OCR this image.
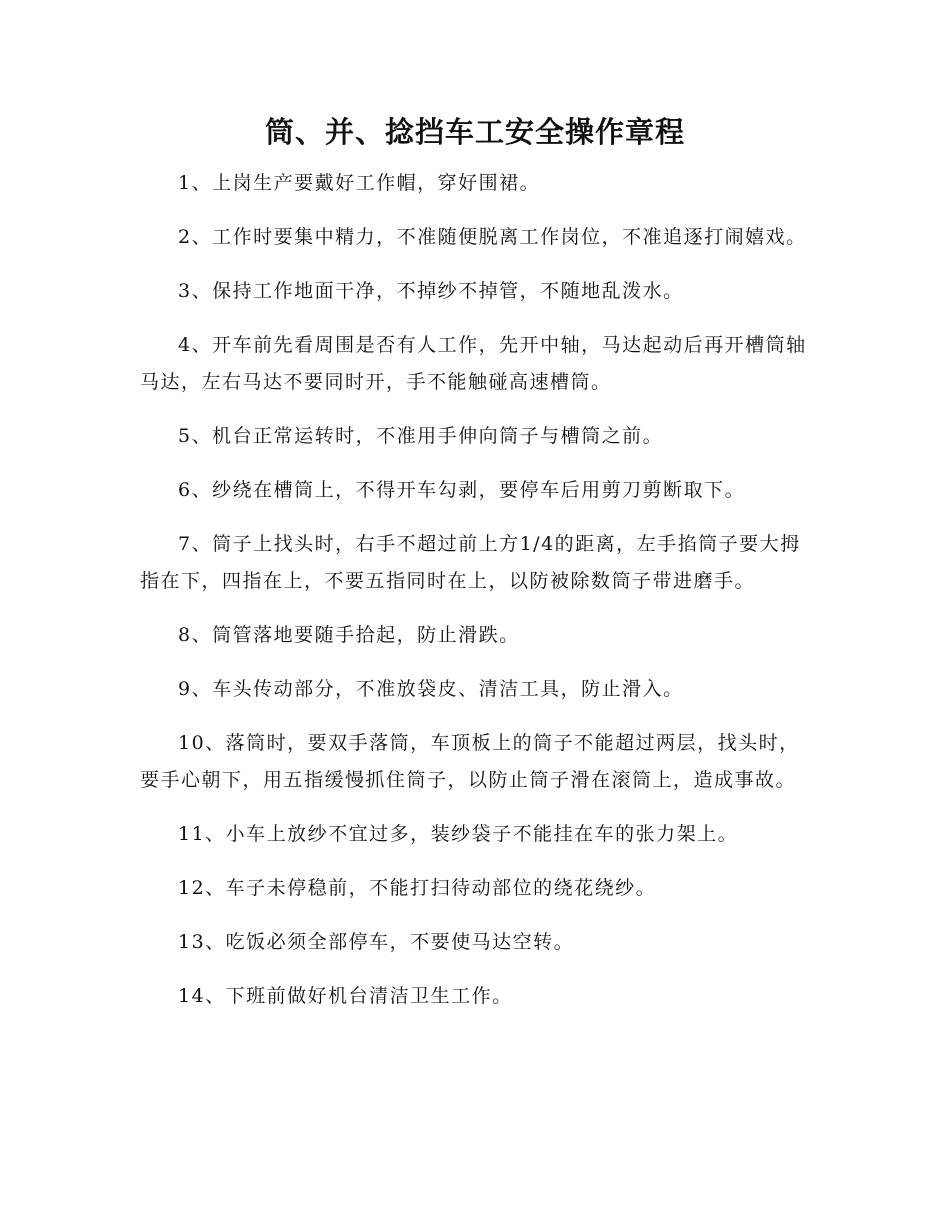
筒、并、捻挡车工安全操作章程

1、上岗生产要戴好工作帽，穿好围裙。

2、工作时要集中精力，不准随便脱离工作岗位，不准追逐打闹嬉戏。

3、保持工作地面干净，不掉纱不掉管，不随地乱泼水。

4、开车前先看周围是否有人工作，先开中轴，马达起动后再开槽筒轴马达，左右马达不要同时开，手不能触碰高速槽筒。

5、机台正常运转时，不准用手伸向筒子与槽筒之前。

6、纱绕在槽筒上，不得开车勾剥，要停车后用剪刀剪断取下。

7、筒子上找头时，右手不超过前上方1/4的距离，左手掐筒子要大拇指在下，四指在上，不要五指同时在上，以防被除数筒子带进磨手。

8、筒管落地要随手拾起，防止滑跌。

9、车头传动部分，不准放袋皮、清洁工具，防止滑入。

10、落筒时，要双手落筒，车顶板上的筒子不能超过两层，找头时，要手心朝下，用五指缓慢抓住筒子，以防止筒子滑在滚筒上，造成事故。

11、小车上放纱不宜过多，装纱袋子不能挂在车的张力架上。

12、车子未停稳前，不能打扫待动部位的绕花绕纱。

13、吃饭必须全部停车，不要使马达空转。

14、下班前做好机台清洁卫生工作。
